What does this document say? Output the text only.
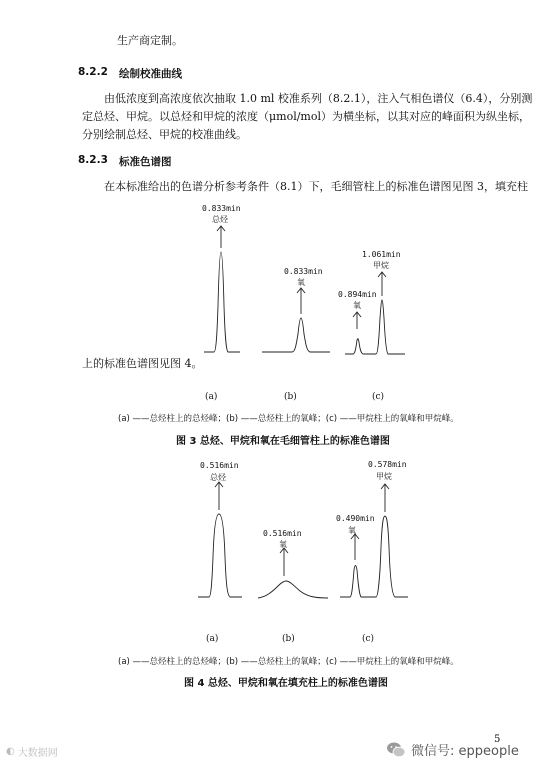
生产商定制。
8.2.2 绘制校准曲线
由低浓度到高浓度依次抽取 1.0 ml 校准系列（8.2.1），注入气相色谱仪（6.4），分别测
定总烃、甲烷。以总烃和甲烷的浓度（μmol/mol）为横坐标，以其对应的峰面积为纵坐标，
分别绘制总烃、甲烷的校准曲线。
8.2.3 标准色谱图
在本标准给出的色谱分析参考条件（8.1）下，毛细管柱上的标准色谱图见图 3，填充柱
0.833min
总烃
0.833min
氧
1.061min
甲烷
0.894min
氧
(a)	(b)	(c)
上的标准色谱图见图 4。
(a) ——总烃柱上的总烃峰；(b) ——总烃柱上的氧峰；(c) ——甲烷柱上的氧峰和甲烷峰。
图 3 总烃、甲烷和氧在毛细管柱上的标准色谱图
0.516min
总烃
0.516min
氧
0.578min
甲烷
0.490min
氧
(a)	(b)	(c)
(a) ——总烃柱上的总烃峰；(b) ——总烃柱上的氧峰；(c) ——甲烷柱上的氧峰和甲烷峰。
图 4 总烃、甲烷和氧在填充柱上的标准色谱图
◐ 大数据网
5
微信号: eppeople
